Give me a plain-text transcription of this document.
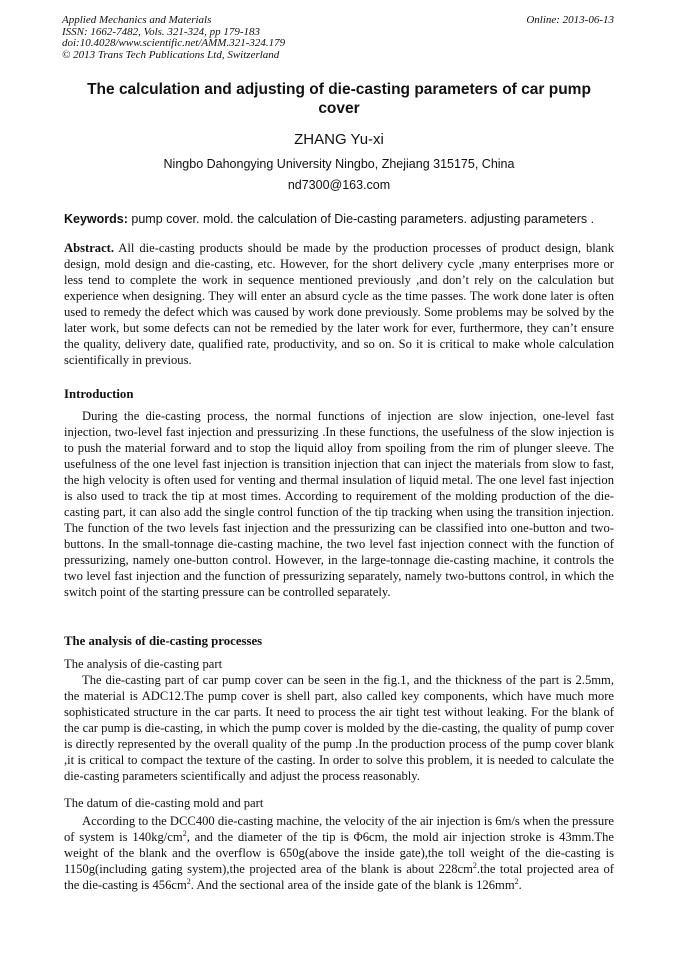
Applied Mechanics and Materials
ISSN: 1662-7482, Vols. 321-324, pp 179-183
doi:10.4028/www.scientific.net/AMM.321-324.179
© 2013 Trans Tech Publications Ltd, Switzerland
Online: 2013-06-13
The calculation and adjusting of die-casting parameters of car pump cover
ZHANG Yu-xi
Ningbo Dahongying University Ningbo, Zhejiang 315175, China
nd7300@163.com
Keywords: pump cover. mold. the calculation of Die-casting parameters. adjusting parameters .
Abstract. All die-casting products should be made by the production processes of product design, blank design, mold design and die-casting, etc. However, for the short delivery cycle ,many enterprises more or less tend to complete the work in sequence mentioned previously ,and don’t rely on the calculation but experience when designing. They will enter an absurd cycle as the time passes. The work done later is often used to remedy the defect which was caused by work done previously. Some problems may be solved by the later work, but some defects can not be remedied by the later work for ever, furthermore, they can’t ensure the quality, delivery date, qualified rate, productivity, and so on. So it is critical to make whole calculation scientifically in previous.
Introduction
During the die-casting process, the normal functions of injection are slow injection, one-level fast injection, two-level fast injection and pressurizing .In these functions, the usefulness of the slow injection is to push the material forward and to stop the liquid alloy from spoiling from the rim of plunger sleeve. The usefulness of the one level fast injection is transition injection that can inject the materials from slow to fast, the high velocity is often used for venting and thermal insulation of liquid metal. The one level fast injection is also used to track the tip at most times. According to requirement of the molding production of the die-casting part, it can also add the single control function of the tip tracking when using the transition injection. The function of the two levels fast injection and the pressurizing can be classified into one-button and two-buttons. In the small-tonnage die-casting machine, the two level fast injection connect with the function of pressurizing, namely one-button control. However, in the large-tonnage die-casting machine, it controls the two level fast injection and the function of pressurizing separately, namely two-buttons control, in which the switch point of the starting pressure can be controlled separately.
The analysis of die-casting processes
The analysis of die-casting part
The die-casting part of car pump cover can be seen in the fig.1, and the thickness of the part is 2.5mm, the material is ADC12.The pump cover is shell part, also called key components, which have much more sophisticated structure in the car parts. It need to process the air tight test without leaking. For the blank of the car pump is die-casting, in which the pump cover is molded by the die-casting, the quality of pump cover is directly represented by the overall quality of the pump .In the production process of the pump cover blank ,it is critical to compact the texture of the casting. In order to solve this problem, it is needed to calculate the die-casting parameters scientifically and adjust the process reasonably.
The datum of die-casting mold and part
According to the DCC400 die-casting machine, the velocity of the air injection is 6m/s when the pressure of system is $140kg/cm^2$, and the diameter of the tip is Φ6cm, the mold air injection stroke is 43mm.The weight of the blank and the overflow is 650g(above the inside gate),the toll weight of the die-casting is 1150g(including gating system),the projected area of the blank is about $228cm^2.the$ total projected area of the die-casting is $456cm^2$. And the sectional area of the inside gate of the blank is $126mm^2$.
